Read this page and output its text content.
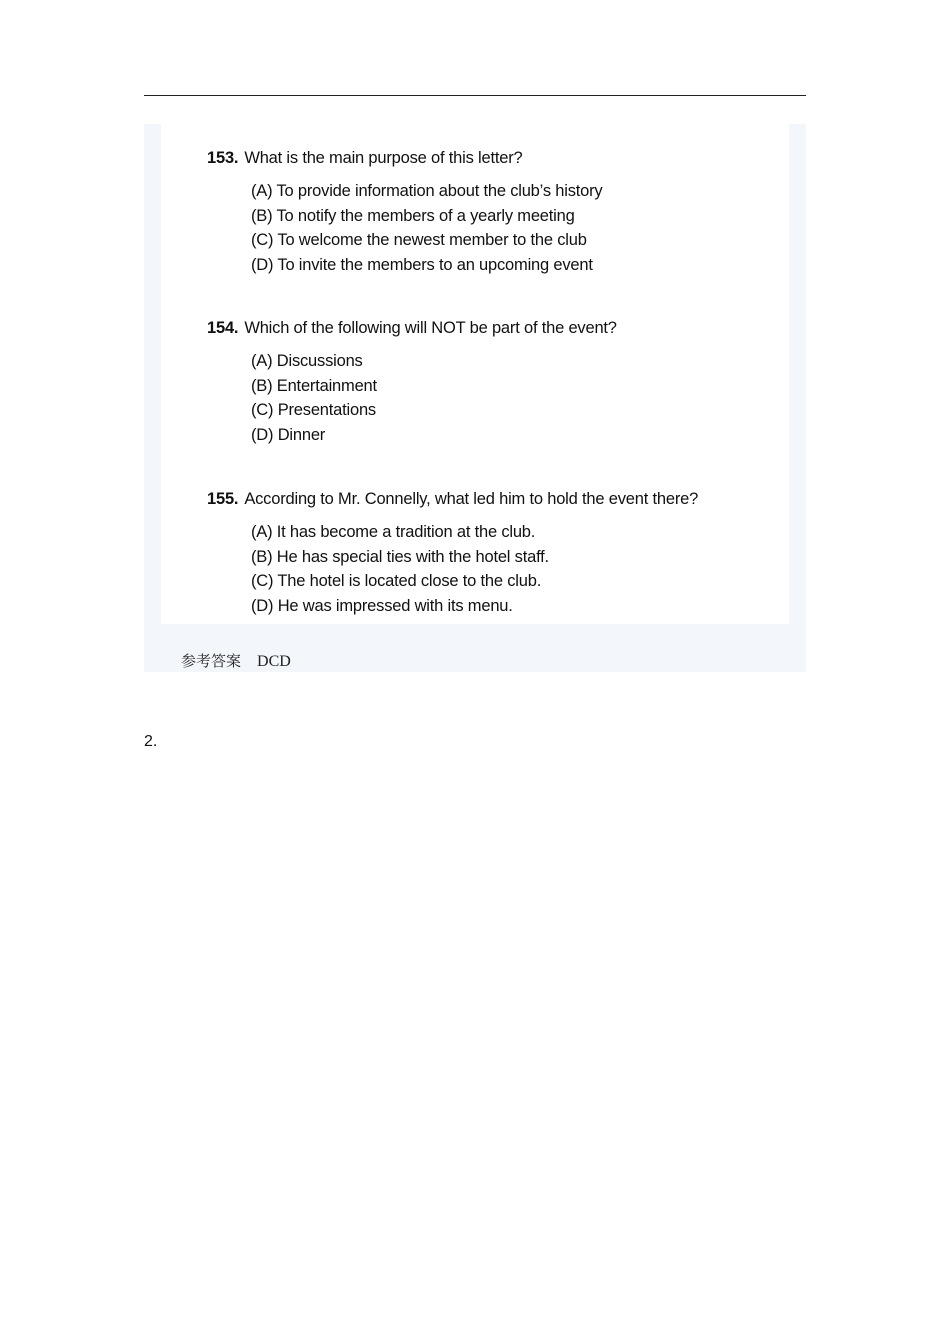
153. What is the main purpose of this letter?
(A) To provide information about the club’s history
(B) To notify the members of a yearly meeting
(C) To welcome the newest member to the club
(D) To invite the members to an upcoming event
154. Which of the following will NOT be part of the event?
(A) Discussions
(B) Entertainment
(C) Presentations
(D) Dinner
155. According to Mr. Connelly, what led him to hold the event there?
(A) It has become a tradition at the club.
(B) He has special ties with the hotel staff.
(C) The hotel is located close to the club.
(D) He was impressed with its menu.
参考答案 DCD
2.
